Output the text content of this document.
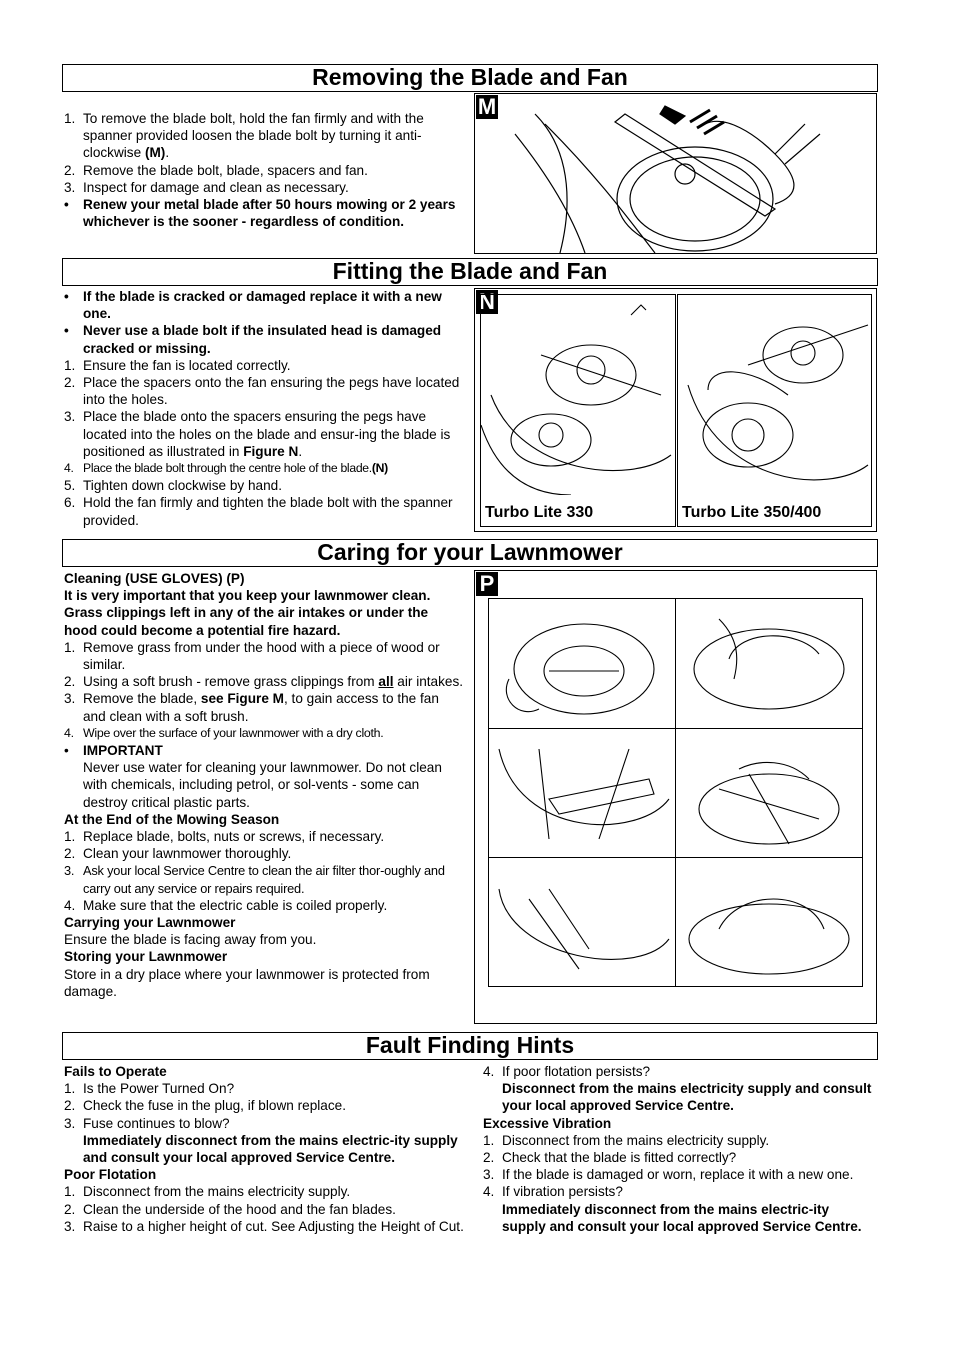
Removing the Blade and Fan
1. To remove the blade bolt, hold the fan firmly and with the spanner provided loosen the blade bolt by turning it anti-clockwise (M).
2. Remove the blade bolt, blade, spacers and fan.
3. Inspect for damage and clean as necessary.
• Renew your metal blade after 50 hours mowing or 2 years whichever is the sooner - regardless of condition.
M
Fitting the Blade and Fan
• If the blade is cracked or damaged replace it with a new one.
• Never use a blade bolt if the insulated head is damaged cracked or missing.
1. Ensure the fan is located correctly.
2. Place the spacers onto the fan ensuring the pegs have located into the holes.
3. Place the blade onto the spacers ensuring the pegs have located into the holes on the blade and ensur-ing the blade is positioned as illustrated in Figure N.
4. Place the blade bolt through the centre hole of the blade.(N)
5. Tighten down clockwise by hand.
6. Hold the fan firmly and tighten the blade bolt with the spanner provided.
N
Turbo Lite 330	Turbo Lite 350/400
Caring for your Lawnmower
Cleaning (USE GLOVES) (P)
It is very important that you keep your lawnmower clean. Grass clippings left in any of the air intakes or under the hood could become a potential fire hazard.
1. Remove grass from under the hood with a piece of wood or similar.
2. Using a soft brush - remove grass clippings from all air intakes.
3. Remove the blade, see Figure M, to gain access to the fan and clean with a soft brush.
4. Wipe over the surface of your lawnmower with a dry cloth.
• IMPORTANT
Never use water for cleaning your lawnmower. Do not clean with chemicals, including petrol, or sol-vents - some can destroy critical plastic parts.
At the End of the Mowing Season
1. Replace blade, bolts, nuts or screws, if necessary.
2. Clean your lawnmower thoroughly.
3. Ask your local Service Centre to clean the air filter thor-oughly and carry out any service or repairs required.
4. Make sure that the electric cable is coiled properly.
Carrying your Lawnmower
Ensure the blade is facing away from you.
Storing your Lawnmower
Store in a dry place where your lawnmower is protected from damage.
P
Fault Finding Hints
Fails to Operate
1. Is the Power Turned On?
2. Check the fuse in the plug, if blown replace.
3. Fuse continues to blow?
Immediately disconnect from the mains electric-ity supply and consult your local approved Service Centre.
Poor Flotation
1. Disconnect from the mains electricity supply.
2. Clean the underside of the hood and the fan blades.
3. Raise to a higher height of cut. See Adjusting the Height of Cut.
4. If poor flotation persists?
Disconnect from the mains electricity supply and consult your local approved Service Centre.
Excessive Vibration
1. Disconnect from the mains electricity supply.
2. Check that the blade is fitted correctly?
3. If the blade is damaged or worn, replace it with a new one.
4. If vibration persists?
Immediately disconnect from the mains electric-ity supply and consult your local approved Service Centre.
